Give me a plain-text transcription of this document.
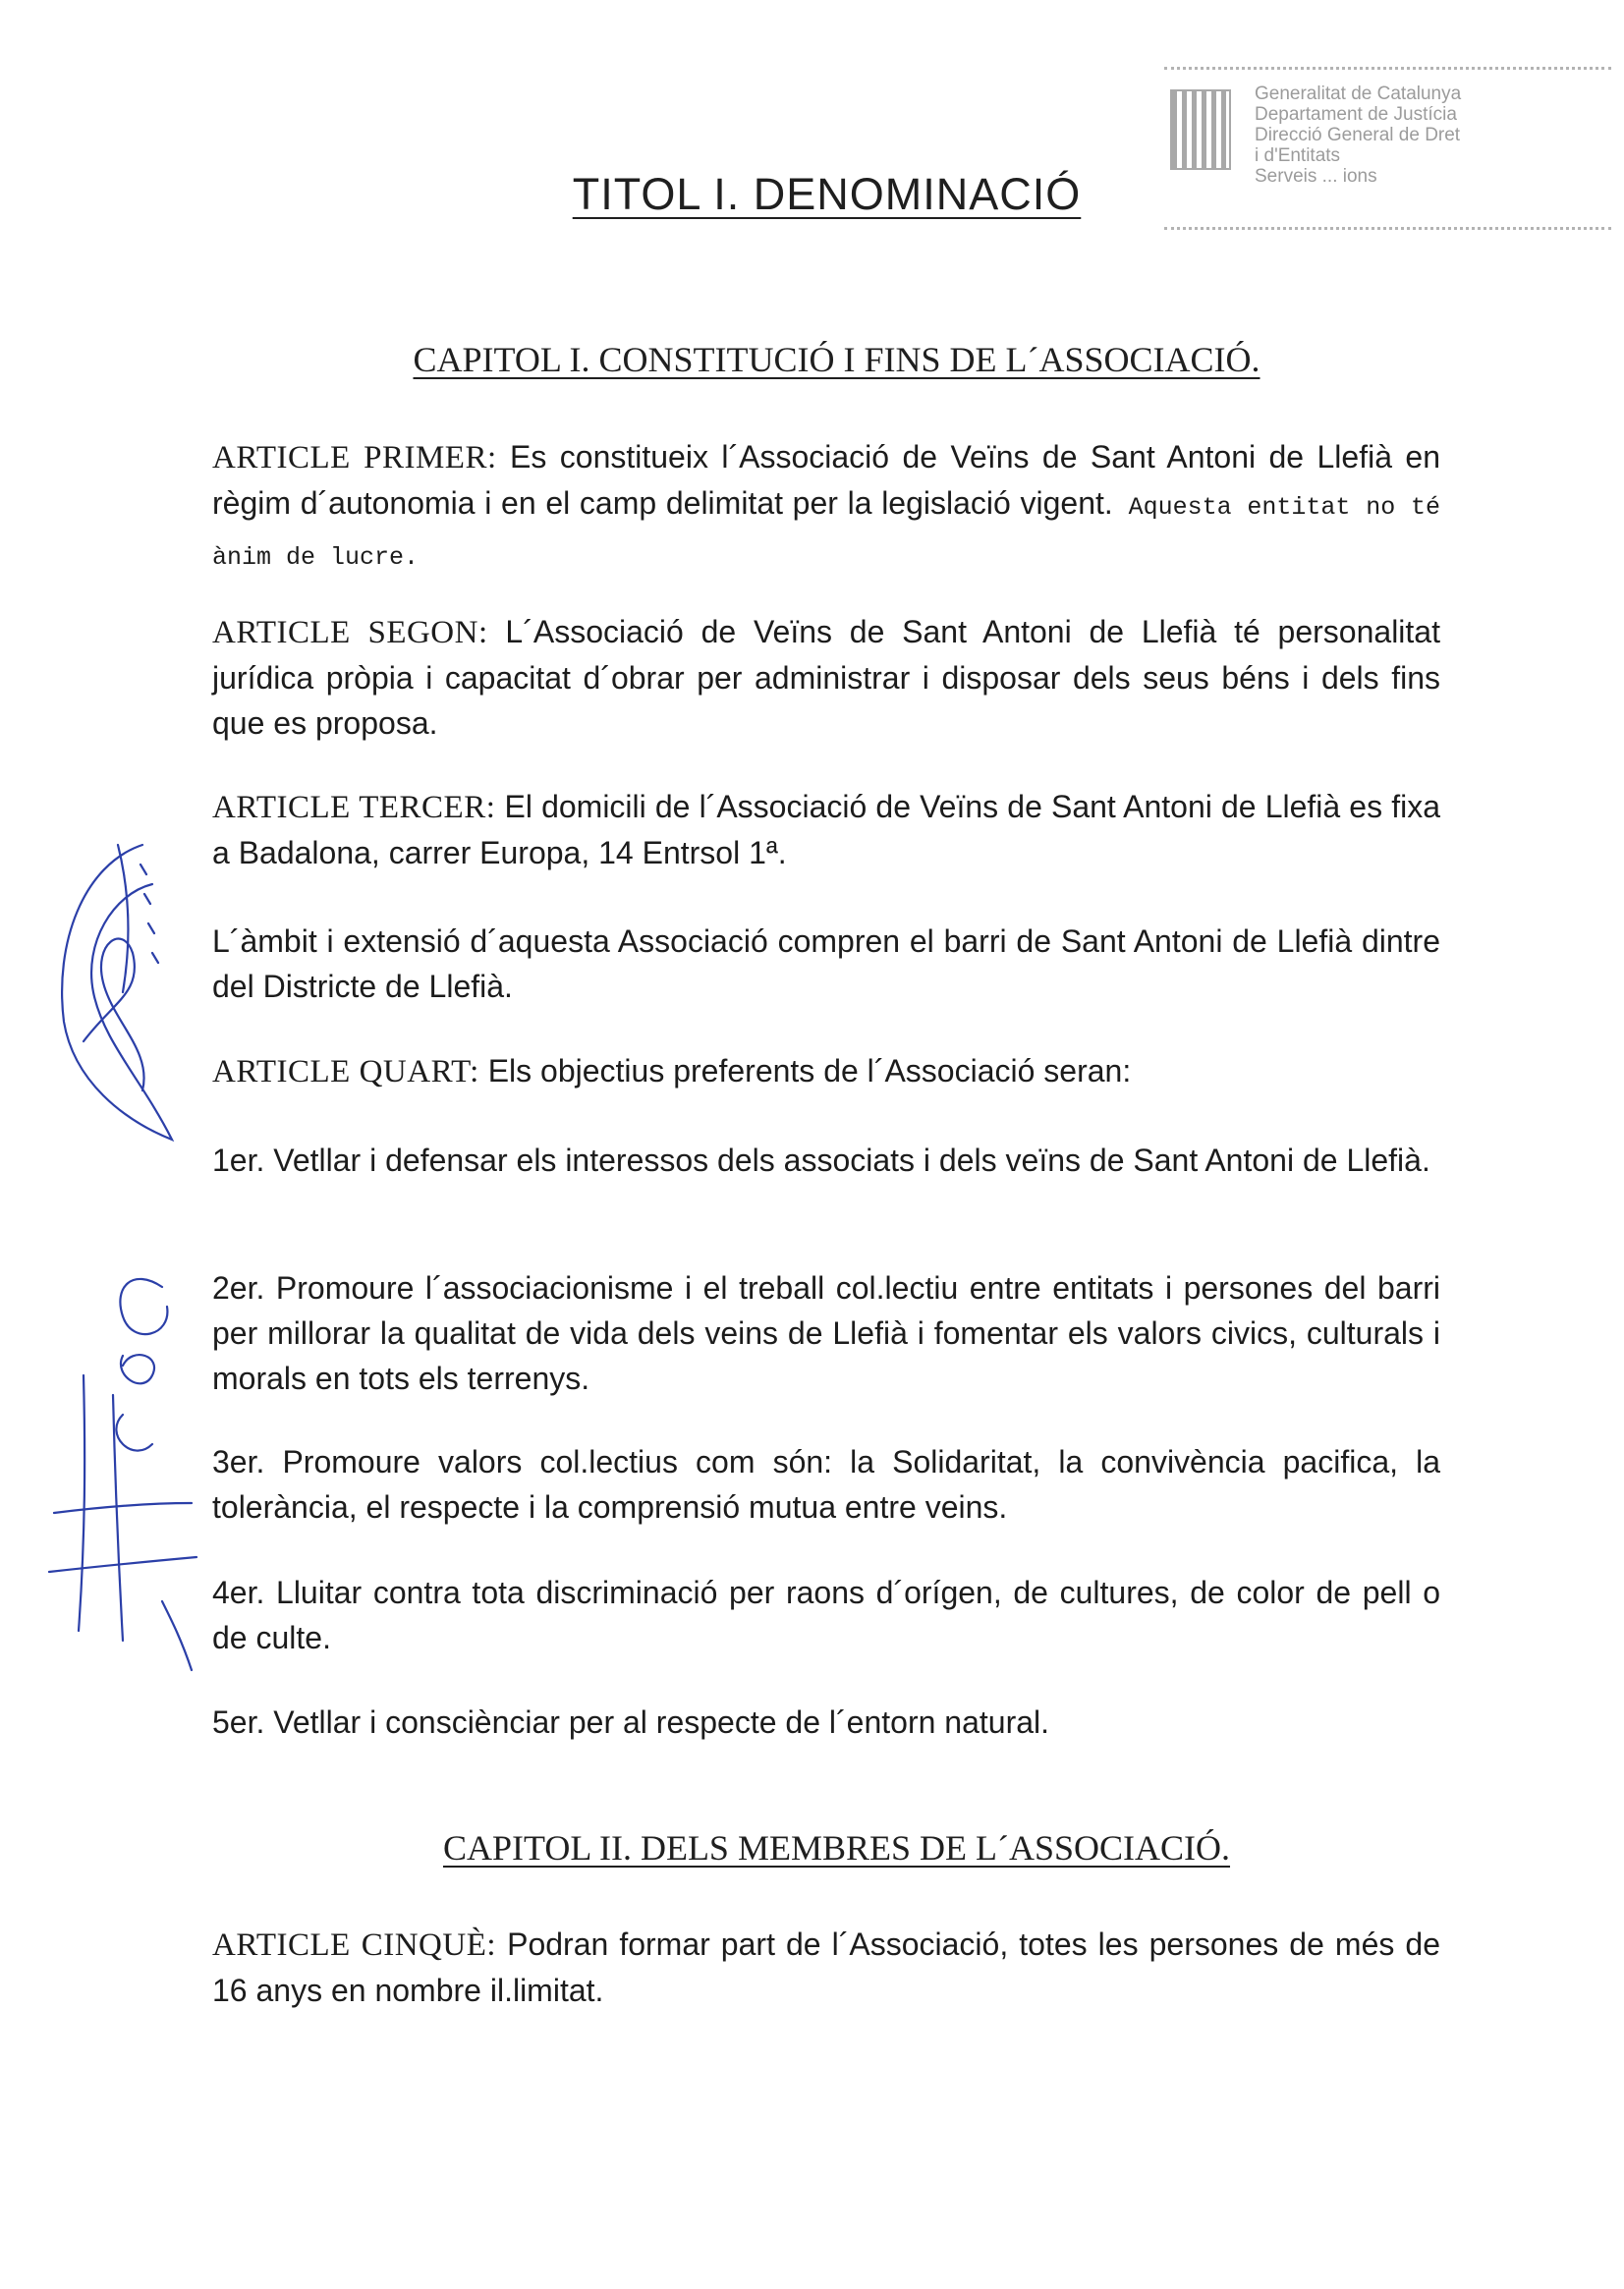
Generalitat de Catalunya
Departament de Justícia
Direcció General de Dret
i d'Entitats
Serveis ... ions
TITOL I. DENOMINACIÓ
CAPITOL I. CONSTITUCIÓ I FINS DE L´ASSOCIACIÓ.
ARTICLE PRIMER: Es constitueix l´Associació de Veïns de Sant Antoni de Llefià en règim d´autonomia i en el camp delimitat per la legislació vigent. Aquesta entitat no té ànim de lucre.
ARTICLE SEGON: L´Associació de Veïns de Sant Antoni de Llefià té personalitat jurídica pròpia i capacitat d´obrar per administrar i disposar dels seus béns i dels fins que es proposa.
ARTICLE TERCER: El domicili de l´Associació de Veïns de Sant Antoni de Llefià es fixa a Badalona, carrer Europa, 14 Entrsol 1ª.
L´àmbit i extensió d´aquesta Associació compren el barri de Sant Antoni de Llefià dintre del Districte de Llefià.
ARTICLE QUART: Els objectius preferents de l´Associació seran:
1er. Vetllar i defensar els interessos dels associats i dels veïns de Sant Antoni de Llefià.
2er. Promoure l´associacionisme i el treball col.lectiu entre entitats i persones del barri per millorar la qualitat de vida dels veins de Llefià i fomentar els valors civics, culturals i morals en tots els terrenys.
3er. Promoure valors col.lectius com són: la Solidaritat, la convivència pacifica, la tolerància, el respecte i la comprensió mutua entre veins.
4er. Lluitar contra tota discriminació per raons d´orígen, de cultures, de color de pell o de culte.
5er. Vetllar i consciènciar per al respecte de l´entorn natural.
CAPITOL II. DELS MEMBRES DE L´ASSOCIACIÓ.
ARTICLE CINQUÈ: Podran formar part de l´Associació, totes les persones de més de 16 anys en nombre il.limitat.
